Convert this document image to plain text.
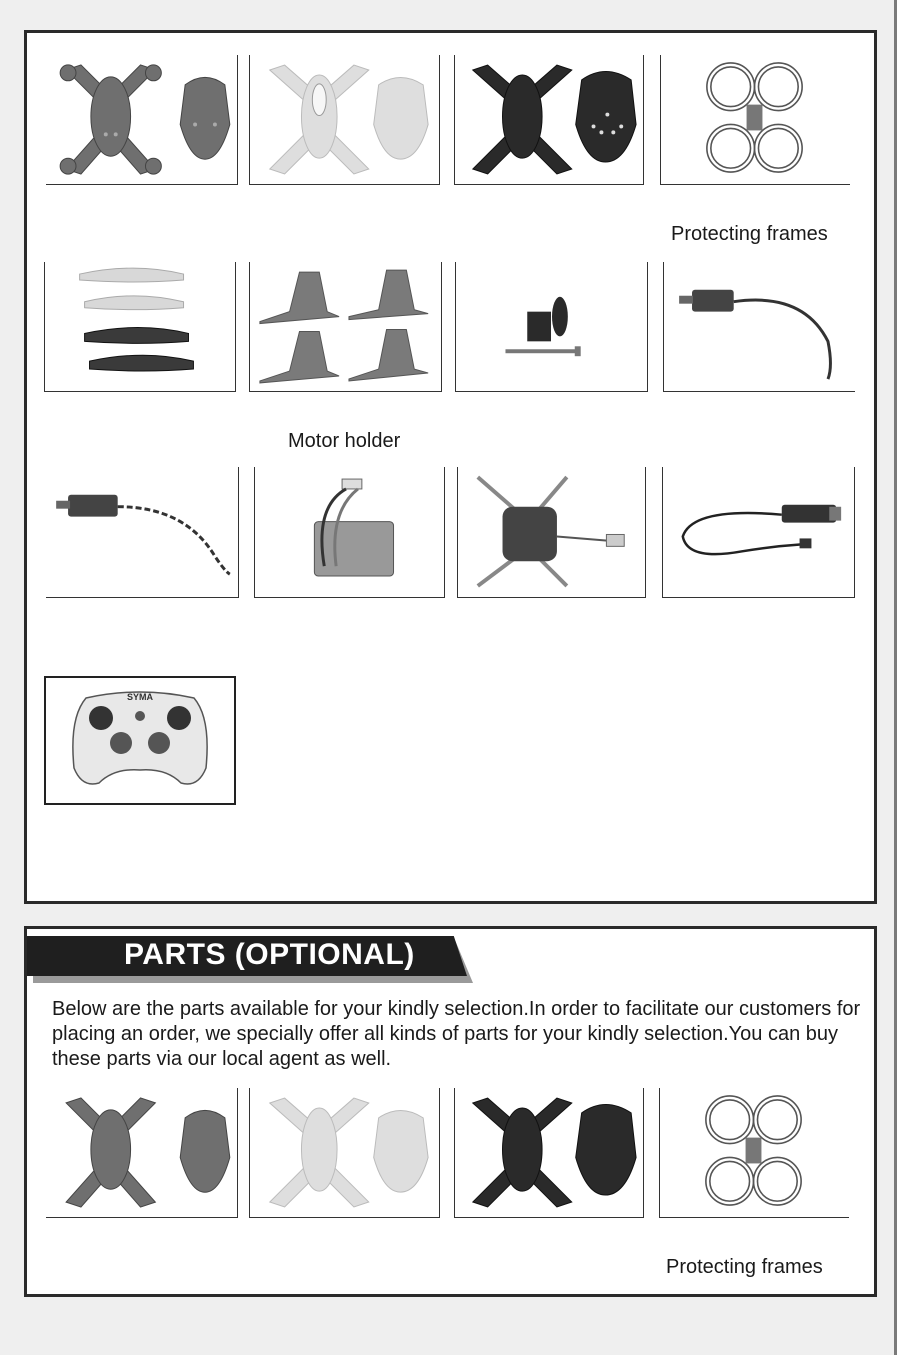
Protecting frames
Motor holder
SYMA
PARTS (OPTIONAL)

Below are the parts available for your kindly selection.In order to facilitate our customers for placing an order, we specially offer all kinds of parts for your kindly selection.You can buy these parts via our local agent as well.

Protecting frames
